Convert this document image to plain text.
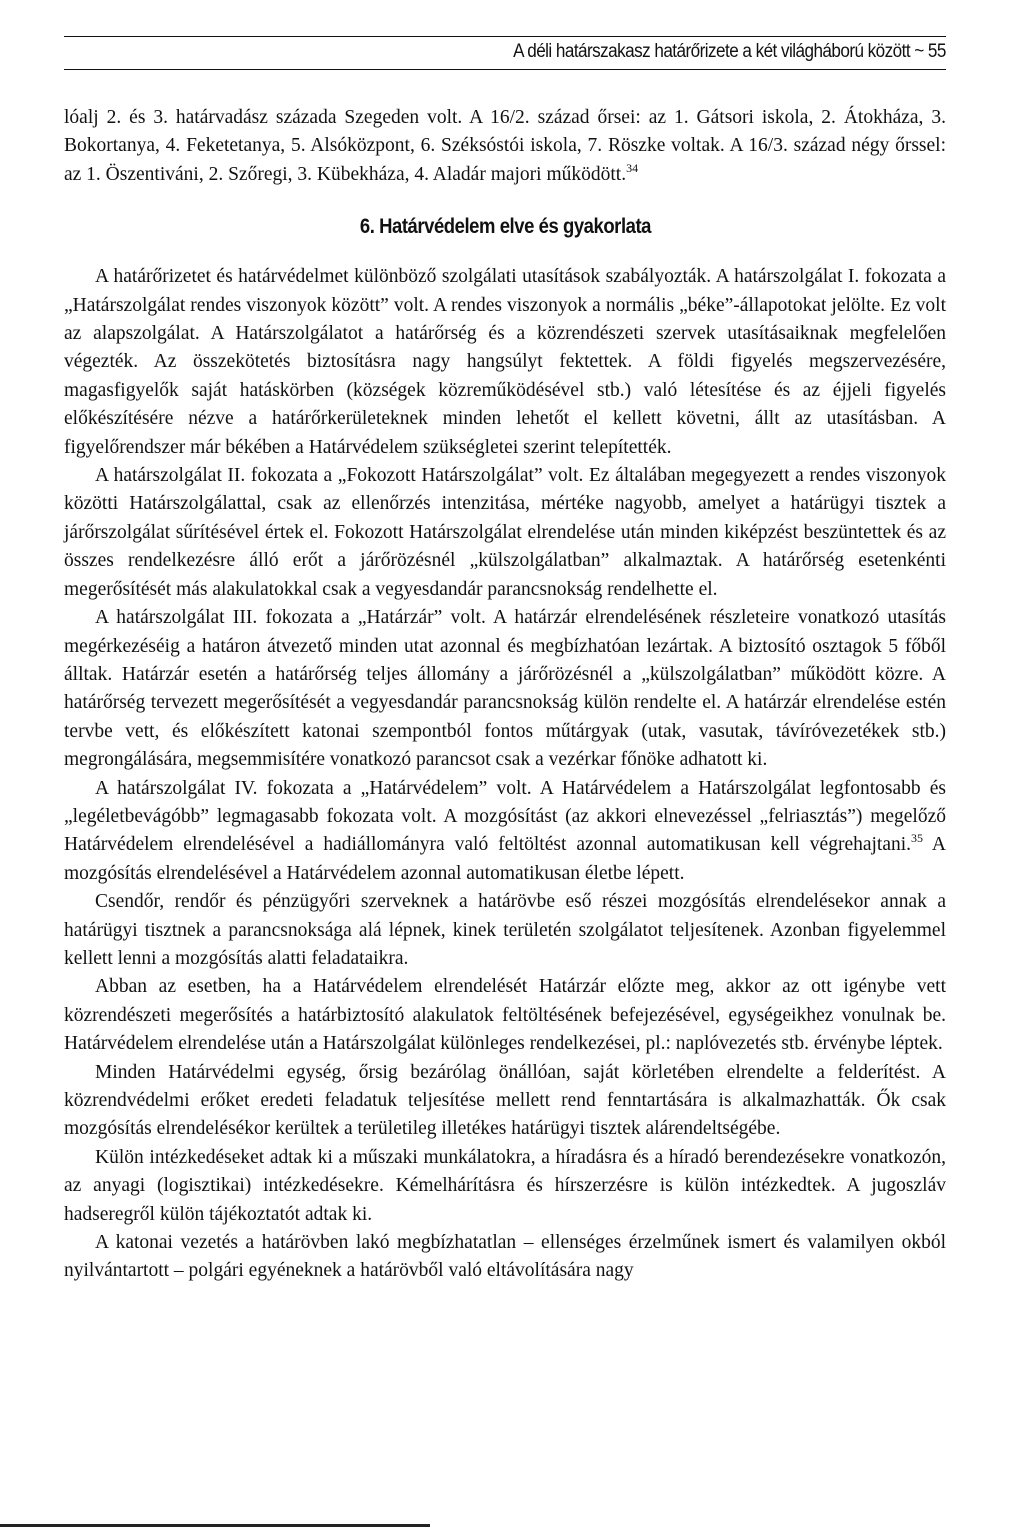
A déli határszakasz határőrizete a két világháború között ~ 55

lóalj 2. és 3. határvadász százada Szegeden volt. A 16/2. század őrsei: az 1. Gátsori iskola, 2. Átokháza, 3. Bokortanya, 4. Feketetanya, 5. Alsóközpont, 6. Széksóstói iskola, 7. Röszke voltak. A 16/3. század négy őrssel: az 1. Öszentiváni, 2. Szőregi, 3. Kübekháza, 4. Aladár majori működött.$^{34}$

6. Határvédelem elve és gyakorlata

A határőrizetet és határvédelmet különböző szolgálati utasítások szabályozták. A határszolgálat I. fokozata a „Határszolgálat rendes viszonyok között” volt. A rendes viszonyok a normális „béke”-állapotokat jelölte. Ez volt az alapszolgálat. A Határszolgálatot a határőrség és a közrendészeti szervek utasításaiknak megfelelően végezték. Az összekötetés biztosításra nagy hangsúlyt fektettek. A földi figyelés megszervezésére, magasfigyelők saját hatáskörben (községek közreműködésével stb.) való létesítése és az éjjeli figyelés előkészítésére nézve a határőrkerületeknek minden lehetőt el kellett követni, állt az utasításban. A figyelőrendszer már békében a Határvédelem szükségletei szerint telepítették.

A határszolgálat II. fokozata a „Fokozott Határszolgálat” volt. Ez általában megegyezett a rendes viszonyok közötti Határszolgálattal, csak az ellenőrzés intenzitása, mértéke nagyobb, amelyet a határügyi tisztek a járőrszolgálat sűrítésével értek el. Fokozott Határszolgálat elrendelése után minden kiképzést beszüntettek és az összes rendelkezésre álló erőt a járőrözésnél „külszolgálatban” alkalmaztak. A határőrség esetenkénti megerősítését más alakulatokkal csak a vegyesdandár parancsnokság rendelhette el.

A határszolgálat III. fokozata a „Határzár” volt. A határzár elrendelésének részleteire vonatkozó utasítás megérkezéséig a határon átvezető minden utat azonnal és megbízhatóan lezártak. A biztosító osztagok 5 főből álltak. Határzár esetén a határőrség teljes állomány a járőrözésnél a „külszolgálatban” működött közre. A határőrség tervezett megerősítését a vegyesdandár parancsnokság külön rendelte el. A határzár elrendelése estén tervbe vett, és előkészített katonai szempontból fontos műtárgyak (utak, vasutak, távíróvezetékek stb.) megrongálására, megsemmisítére vonatkozó parancsot csak a vezérkar főnöke adhatott ki.

A határszolgálat IV. fokozata a „Határvédelem” volt. A Határvédelem a Határszolgálat legfontosabb és „legéletbevágóbb” legmagasabb fokozata volt. A mozgósítást (az akkori elnevezéssel „felriasztás”) megelőző Határvédelem elrendelésével a hadiállományra való feltöltést azonnal automatikusan kell végrehajtani.$^{35}$ A mozgósítás elrendelésével a Határvédelem azonnal automatikusan életbe lépett.

Csendőr, rendőr és pénzügyőri szerveknek a határövbe eső részei mozgósítás elrendelésekor annak a határügyi tisztnek a parancsnoksága alá lépnek, kinek területén szolgálatot teljesítenek. Azonban figyelemmel kellett lenni a mozgósítás alatti feladataikra.

Abban az esetben, ha a Határvédelem elrendelését Határzár előzte meg, akkor az ott igénybe vett közrendészeti megerősítés a határbiztosító alakulatok feltöltésének befejezésével, egységeikhez vonulnak be. Határvédelem elrendelése után a Határszolgálat különleges rendelkezései, pl.: naplóvezetés stb. érvénybe léptek.

Minden Határvédelmi egység, őrsig bezárólag önállóan, saját körletében elrendelte a felderítést. A közrendvédelmi erőket eredeti feladatuk teljesítése mellett rend fenntartására is alkalmazhatták. Ők csak mozgósítás elrendelésékor kerültek a területileg illetékes határügyi tisztek alárendeltségébe.

Külön intézkedéseket adtak ki a műszaki munkálatokra, a híradásra és a híradó berendezésekre vonatkozón, az anyagi (logisztikai) intézkedésekre. Kémelhárításra és hírszerzésre is külön intézkedtek. A jugoszláv hadseregről külön tájékoztatót adtak ki.

A katonai vezetés a határövben lakó megbízhatatlan – ellenséges érzelműnek ismert és valamilyen okból nyilvántartott – polgári egyéneknek a határövből való eltávolítására nagy
